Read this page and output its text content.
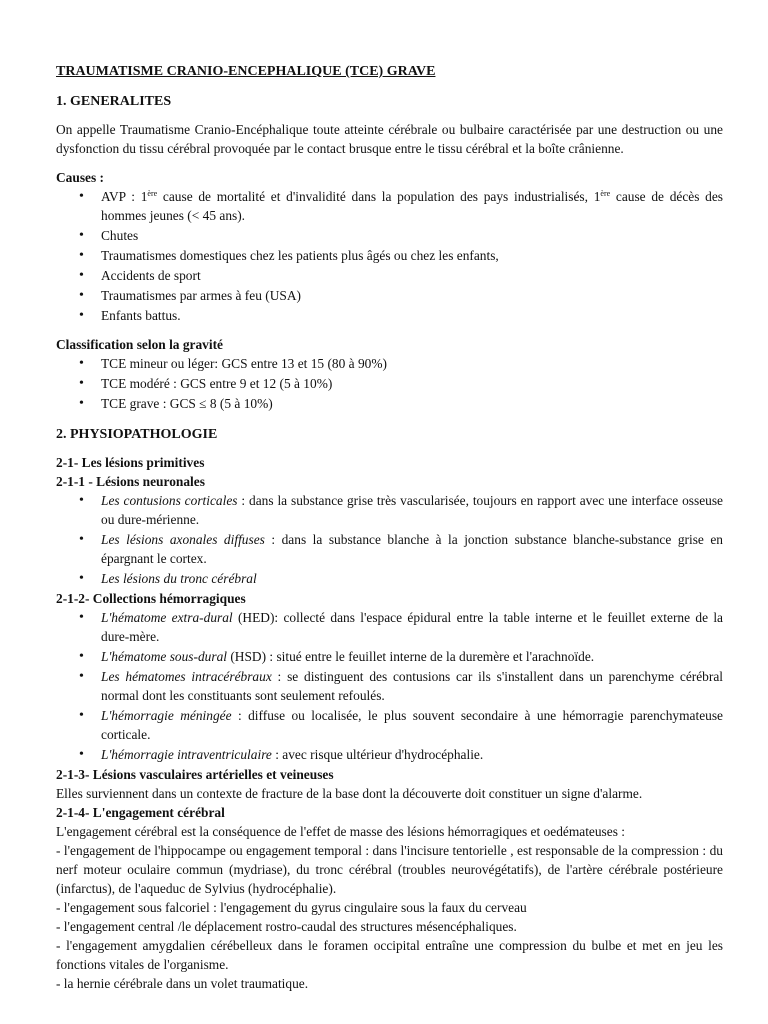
TRAUMATISME CRANIO-ENCEPHALIQUE (TCE) GRAVE
1. GENERALITES

On appelle Traumatisme Cranio-Encéphalique toute atteinte cérébrale ou bulbaire caractérisée par une destruction ou une dysfonction du tissu cérébral provoquée par le contact brusque entre le tissu cérébral et la boîte crânienne.

Causes :

• AVP : 1ère cause de mortalité et d'invalidité dans la population des pays industrialisés, 1ère cause de décès des hommes jeunes (< 45 ans).
• Chutes
• Traumatismes domestiques chez les patients plus âgés ou chez les enfants,
• Accidents de sport
• Traumatismes par armes à feu (USA)
• Enfants battus.

Classification selon la gravité

• TCE mineur ou léger: GCS entre 13 et 15 (80 à 90%)
• TCE modéré : GCS entre 9 et 12 (5 à 10%)
• TCE grave : GCS ≤ 8 (5 à 10%)
2. PHYSIOPATHOLOGIE

2-1- Les lésions primitives

2-1-1 - Lésions neuronales

• Les contusions corticales : dans la substance grise très vascularisée, toujours en rapport avec une interface osseuse ou dure-mérienne.
• Les lésions axonales diffuses : dans la substance blanche à la jonction substance blanche-substance grise en épargnant le cortex.
• Les lésions du tronc cérébral

2-1-2- Collections hémorragiques

• L'hématome extra-dural (HED): collecté dans l'espace épidural entre la table interne et le feuillet externe de la dure-mère.
• L'hématome sous-dural (HSD) : situé entre le feuillet interne de la duremère et l'arachnoïde.
• Les hématomes intracérébraux : se distinguent des contusions car ils s'installent dans un parenchyme cérébral normal dont les constituants sont seulement refoulés.
• L'hémorragie méningée : diffuse ou localisée, le plus souvent secondaire à une hémorragie parenchymateuse corticale.
• L'hémorragie intraventriculaire : avec risque ultérieur d'hydrocéphalie.

2-1-3- Lésions vasculaires artérielles et veineuses

Elles surviennent dans un contexte de fracture de la base dont la découverte doit constituer un signe d'alarme.

2-1-4- L'engagement cérébral

L'engagement cérébral est la conséquence de l'effet de masse des lésions hémorragiques et oedémateuses :

- l'engagement de l'hippocampe ou engagement temporal : dans l'incisure tentorielle , est responsable de la compression : du nerf moteur oculaire commun (mydriase), du tronc cérébral (troubles neurovégétatifs), de l'artère cérébrale postérieure (infarctus), de l'aqueduc de Sylvius (hydrocéphalie).

- l'engagement sous falcoriel : l'engagement du gyrus cingulaire sous la faux du cerveau

- l'engagement central /le déplacement rostro-caudal des structures mésencéphaliques.

- l'engagement amygdalien cérébelleux dans le foramen occipital entraîne une compression du bulbe et met en jeu les fonctions vitales de l'organisme.

- la hernie cérébrale dans un volet traumatique.
